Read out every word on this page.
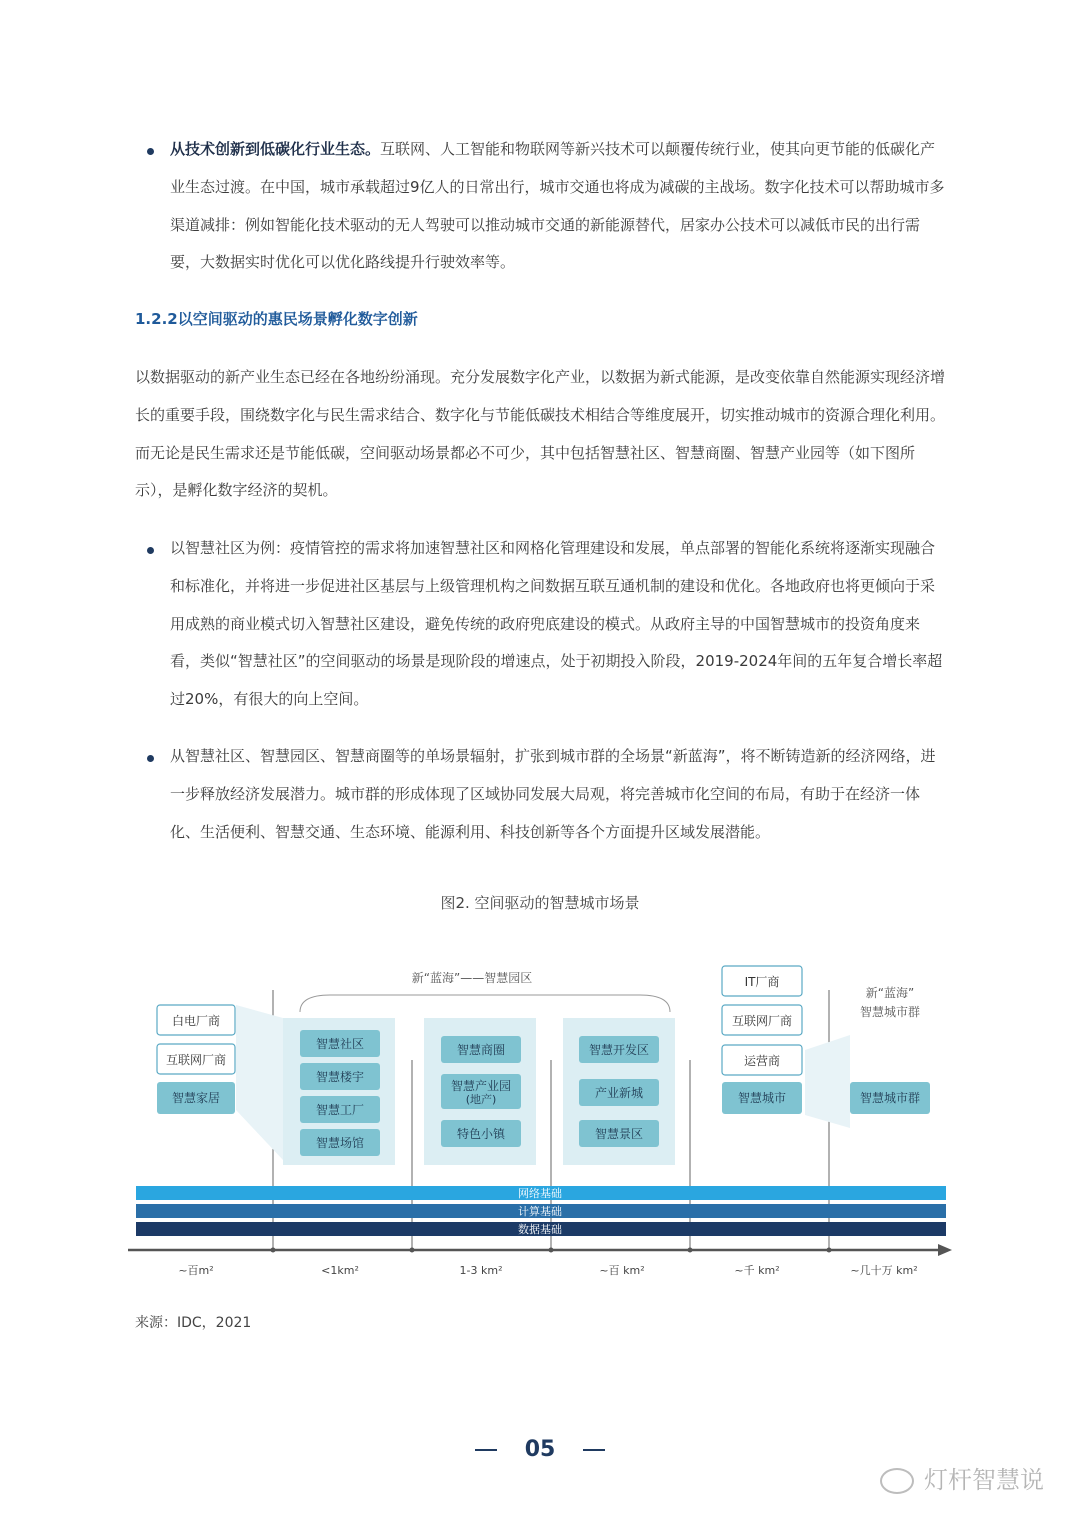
从技术创新到低碳化行业生态。互联网、人工智能和物联网等新兴技术可以颠覆传统行业，使其向更节能的低碳化产业生态过渡。在中国，城市承载超过9亿人的日常出行，城市交通也将成为减碳的主战场。数字化技术可以帮助城市多渠道减排：例如智能化技术驱动的无人驾驶可以推动城市交通的新能源替代，居家办公技术可以减低市民的出行需要，大数据实时优化可以优化路线提升行驶效率等。
1.2.2以空间驱动的惠民场景孵化数字创新
以数据驱动的新产业生态已经在各地纷纷涌现。充分发展数字化产业，以数据为新式能源，是改变依靠自然能源实现经济增长的重要手段，围绕数字化与民生需求结合、数字化与节能低碳技术相结合等维度展开，切实推动城市的资源合理化利用。而无论是民生需求还是节能低碳，空间驱动场景都必不可少，其中包括智慧社区、智慧商圈、智慧产业园等（如下图所示），是孵化数字经济的契机。
以智慧社区为例：疫情管控的需求将加速智慧社区和网格化管理建设和发展，单点部署的智能化系统将逐渐实现融合和标准化，并将进一步促进社区基层与上级管理机构之间数据互联互通机制的建设和优化。各地政府也将更倾向于采用成熟的商业模式切入智慧社区建设，避免传统的政府兜底建设的模式。从政府主导的中国智慧城市的投资角度来看，类似“智慧社区”的空间驱动的场景是现阶段的增速点，处于初期投入阶段，2019-2024年间的五年复合增长率超过20%，有很大的向上空间。
从智慧社区、智慧园区、智慧商圈等的单场景辐射，扩张到城市群的全场景“新蓝海”，将不断铸造新的经济网络，进一步释放经济发展潜力。城市群的形成体现了区域协同发展大局观，将完善城市化空间的布局，有助于在经济一体化、生活便利、智慧交通、生态环境、能源利用、科技创新等各个方面提升区域发展潜能。
图2. 空间驱动的智慧城市场景
新“蓝海”——智慧园区
新“蓝海”
智慧城市群
白电厂商
互联网厂商
智慧家居
智慧社区
智慧楼宇
智慧工厂
智慧场馆
智慧商圈
智慧产业园
(地产)
特色小镇
智慧开发区
产业新城
智慧景区
IT厂商
互联网厂商
运营商
智慧城市	智慧城市群
网络基础
计算基础
数据基础
~百m²	<1km²	1-3 km²	~百 km²	~千 km²	~几十万 km²
来源：IDC，2021
05
灯杆智慧说
